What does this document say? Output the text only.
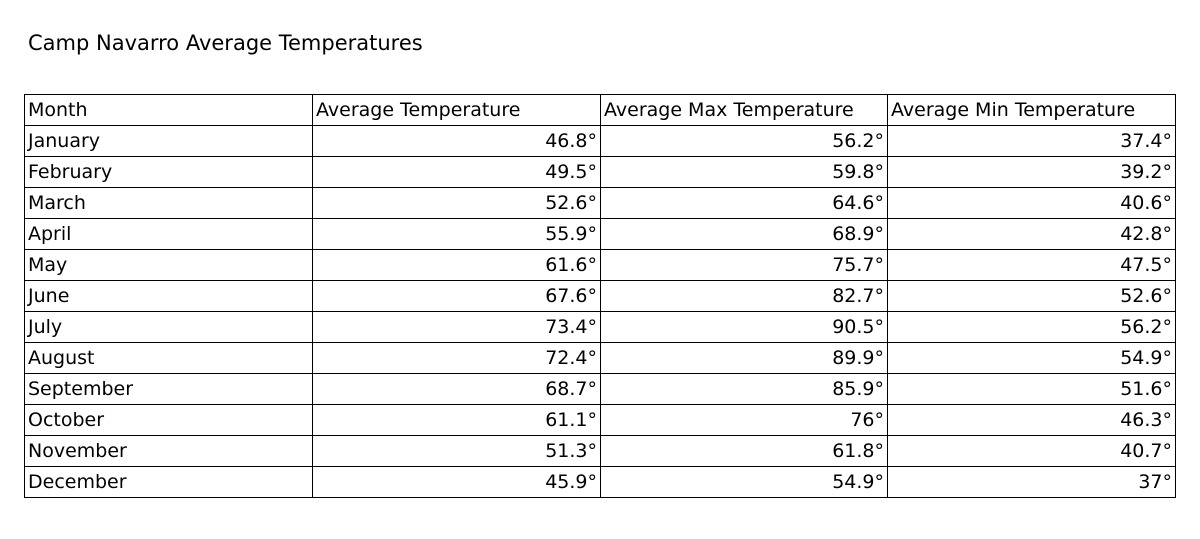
Camp Navarro Average Temperatures
Month	Average Temperature	Average Max Temperature	Average Min Temperature
January	46.8°	56.2°	37.4°
February	49.5°	59.8°	39.2°
March	52.6°	64.6°	40.6°
April	55.9°	68.9°	42.8°
May	61.6°	75.7°	47.5°
June	67.6°	82.7°	52.6°
July	73.4°	90.5°	56.2°
August	72.4°	89.9°	54.9°
September	68.7°	85.9°	51.6°
October	61.1°	76°	46.3°
November	51.3°	61.8°	40.7°
December	45.9°	54.9°	37°
